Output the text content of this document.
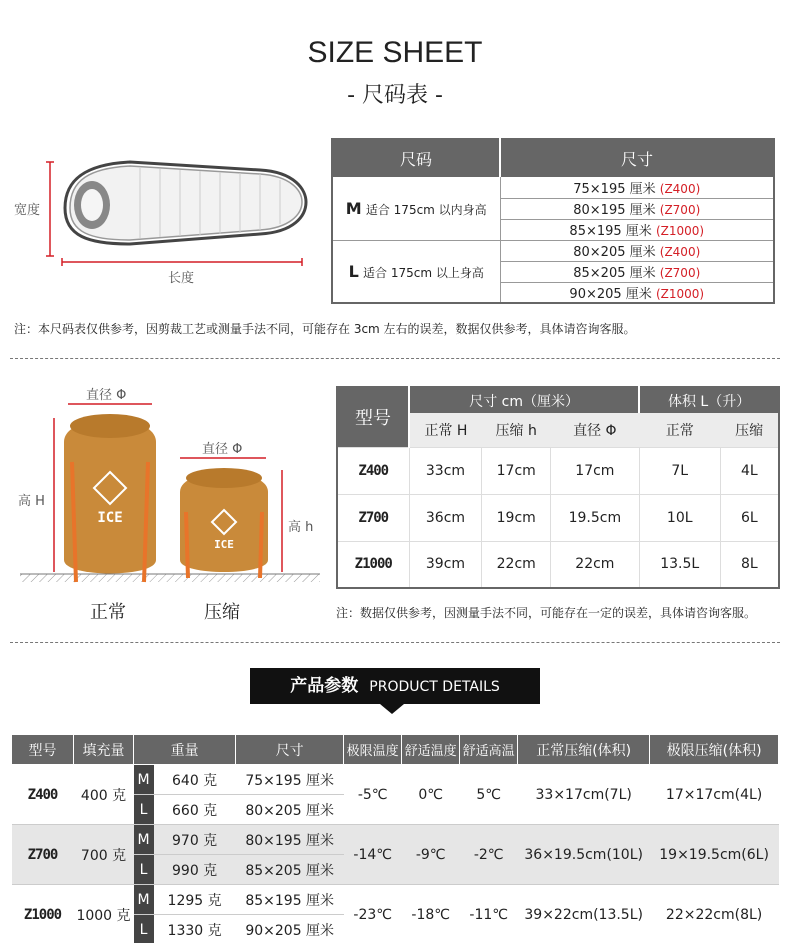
SIZE SHEET
- 尺码表 -
宽度
长度
尺码	尺寸
M 适合 175cm 以内身高	75×195 厘米 (Z400)
	80×195 厘米 (Z700)
	85×195 厘米 (Z1000)
L 适合 175cm 以上身高	80×205 厘米 (Z400)
	85×205 厘米 (Z700)
	90×205 厘米 (Z1000)
注：本尺码表仅供参考，因剪裁工艺或测量手法不同，可能存在 3cm 左右的误差，数据仅供参考，具体请咨询客服。
ICE
ICE
直径 Φ
直径 Φ
高 H
高 h
正常	压缩
型号	尺寸 cm（厘米）			体积 L（升）	
	正常 H	压缩 h	直径 Φ	正常	压缩
Z400	33cm	17cm	17cm	7L	4L
Z700	36cm	19cm	19.5cm	10L	6L
Z1000	39cm	22cm	22cm	13.5L	8L
注：数据仅供参考，因测量手法不同，可能存在一定的误差，具体请咨询客服。
产品参数 PRODUCT DETAILS
型号	填充量	重量		尺寸	极限温度	舒适温度	舒适高温	正常压缩(体积)	极限压缩(体积)
Z400	400 克	M	640 克	75×195 厘米	-5℃	0℃	5℃	33×17cm(7L)	17×17cm(4L)
		L	660 克	80×205 厘米					
Z700	700 克	M	970 克	80×195 厘米	-14℃	-9℃	-2℃	36×19.5cm(10L)	19×19.5cm(6L)
		L	990 克	85×205 厘米					
Z1000	1000 克	M	1295 克	85×195 厘米	-23℃	-18℃	-11℃	39×22cm(13.5L)	22×22cm(8L)
		L	1330 克	90×205 厘米					
